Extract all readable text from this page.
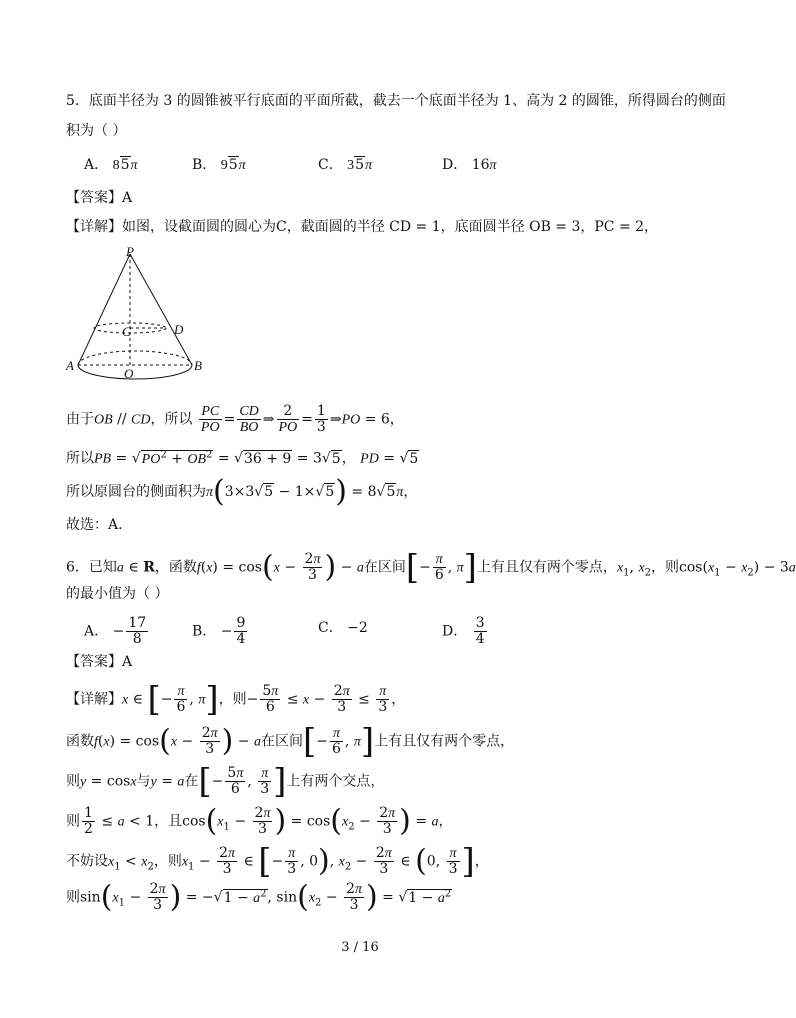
5．底面半径为 3 的圆锥被平行底面的平面所截，截去一个底面半径为 1、高为 2 的圆锥，所得圆台的侧面
积为（ ）
A． 85π	B． 95π	C． 35π	D． 16π
【答案】A
【详解】如图，设截面圆的圆心为C，截面圆的半径 CD = 1，底面圆半径 OB = 3，PC = 2，
P
C	D
A
O
B
由于OB // CD，所以 $\frac{PC}{PO} = \frac{CD}{BO}$ ⇒ $\frac{2}{PO} = \frac{1}{3}$ ⇒PO = 6，
所以PB = $√PO^2 + OB^2 = √36 + 9 = 3√5$， PD = √5
所以原圆台的侧面积为π(3×3√5 − 1×√5) = 8√5π，
故选：A.
6．已知a ∈ R，函数$f(x) = \cos(x - \frac{2\pi}{3}$ ) − a在区间[− $\frac{\pi}{6}$ , π]上有且仅有两个零点，$x_1$, $x_2$，则$\cos(x_1 - x_2) - 3a$
的最小值为（ ）
A． − $\frac{17}{8}$	B． − $\frac{9}{4}$	C． −2	D． $\frac{3}{4}$
【答案】A
【详解】x ∈ [− $\frac{\pi}{6}$ , π]，则− $\frac{5\pi}{6} \le x - \frac{2\pi}{3} \le \frac{\pi}{3}$ ，
函数$f(x) = \cos(x - \frac{2\pi}{3}$ ) − a在区间[− $\frac{\pi}{6}$ , π]上有且仅有两个零点，
则y = cosx与y = a在[− $\frac{5\pi}{6}$ , $\frac{\pi}{3}$ ]上有两个交点，
则 $\frac{1}{2} \le a < 1$，且$\cos(x_1 - \frac{2\pi}{3}$ ) = $\cos(x_2 - \frac{2\pi}{3}$ ) = a，
不妨设$x_1 < x_2$，则$x_1 - \frac{2\pi}{3}$ ∈ [− $\frac{\pi}{3}$ , 0), $x_2 - \frac{2\pi}{3}$ ∈ (0, $\frac{\pi}{3}$ ]，
则$\sin(x_1 - \frac{2\pi}{3}$ ) = $-√1 - a^2$, $\sin(x_2 - \frac{2\pi}{3}$ ) = $√1 - a^2$
3 / 16
